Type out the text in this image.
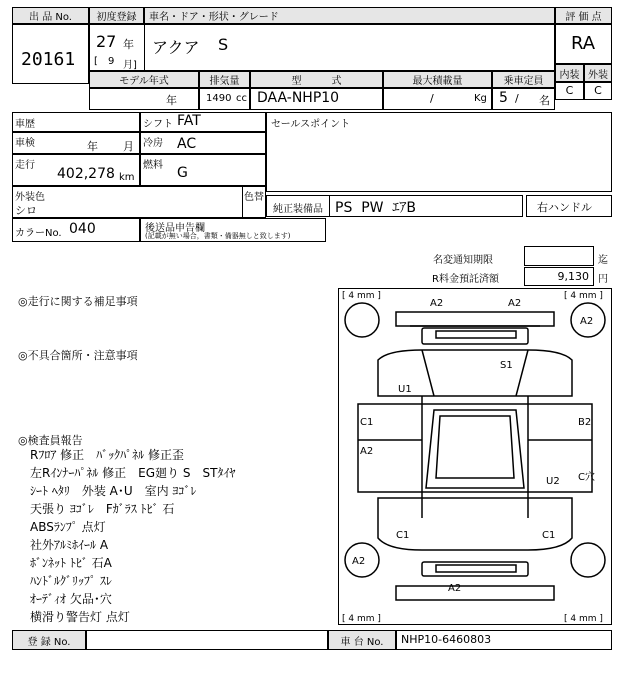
出 品 No.
20161
初度登録	車名・ドア・形状・グレード
27 年
[ 9 月]
アクア S
評 価 点
RA
内装 外装
C	C
モデル年式	排気量	型　　　式	最大積載量	乗車定員
年	1490 cc DAA-NHP10	/	Kg 5 / 名
車歴
車検	年 月
走行
402,278 km
シフト FAT
冷房 AC
燃料 G
セールスポイント
外装色
シロ
色替
純正装備品 PS  PW  ｴｱB	右ハンドル
カラーNo. 040	後送品申告欄
(記載が無い場合，書類・備器無しと致します)
名変通知期限	迄
R料金預託済額	9,130 円
◎走行に関する補足事項
◎不具合箇所・注意事項
◎検査員報告
Rﾌﾛｱ 修正　ﾊﾞｯｸﾊﾟﾈﾙ 修正歪
左Rｲﾝﾅｰﾊﾟﾈﾙ 修正　EG廻り S　STﾀｲﾔ
ｼｰﾄ ﾍﾀﾘ　外装 A･U　室内 ﾖｺﾞﾚ
天張り ﾖｺﾞﾚ　Fｶﾞﾗｽ ﾄﾋﾞ 石
ABSﾗﾝﾌﾟ 点灯
社外ｱﾙﾐﾎｲｰﾙ A
ﾎﾞﾝﾈｯﾄ ﾄﾋﾞ 石A
ﾊﾝﾄﾞﾙｸﾞﾘｯﾌﾟ ｽﾚ
ｵｰﾃﾞｨｵ 欠品･穴
横滑り警告灯 点灯
[ 4 mm ]	[ 4 mm ]
[ 4 mm ]	[ 4 mm ]
A2	A2
A2
S1
U1
C1
A2
B2
C穴
U2
C1	C1
A2
A2
登 録 No.	車 台 No.	NHP10-6460803
